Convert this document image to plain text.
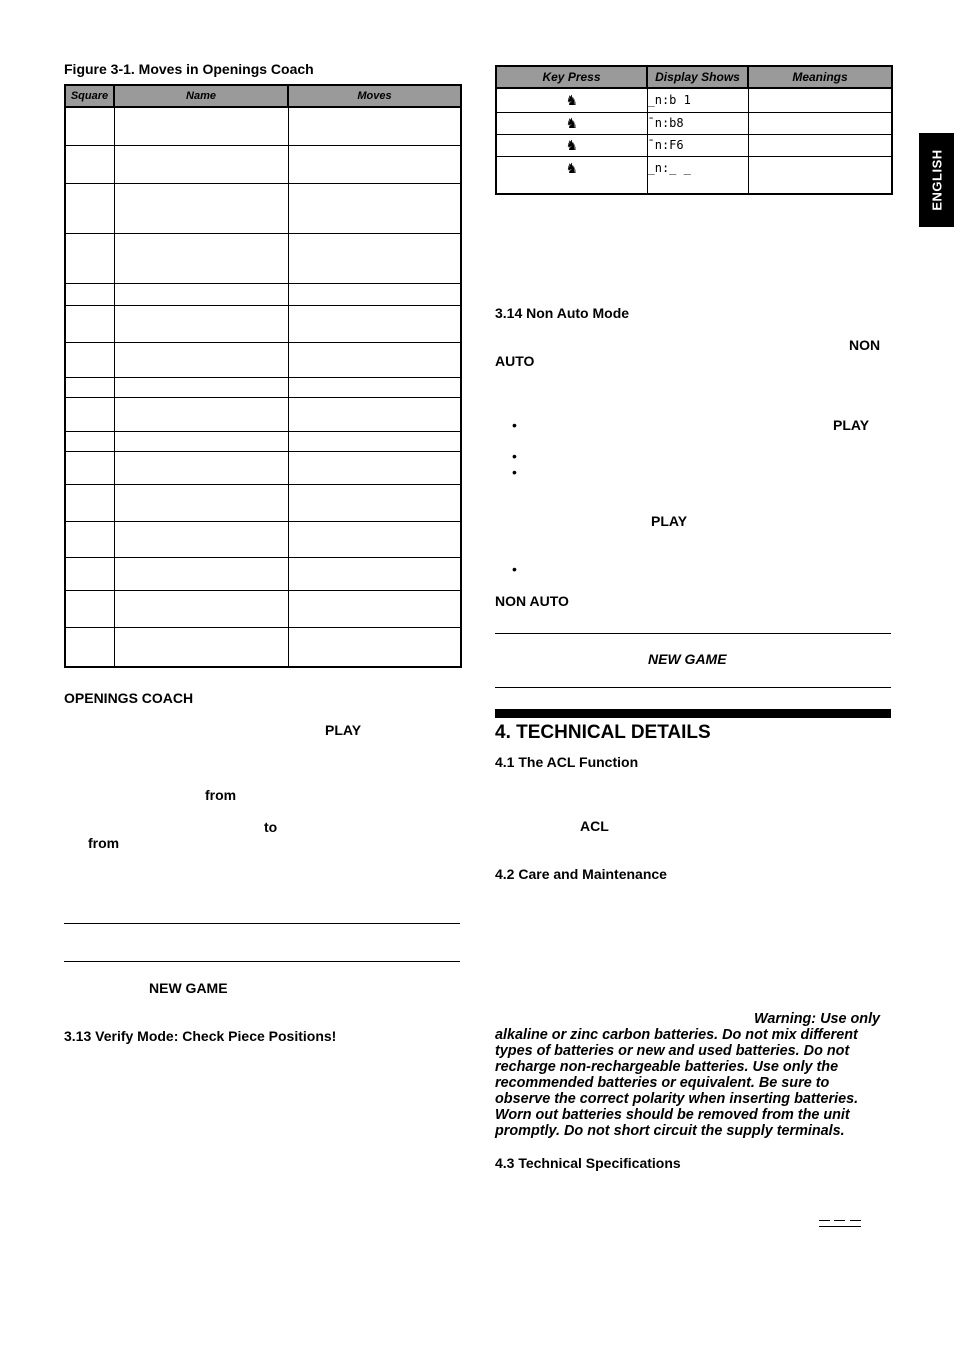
Figure 3-1. Moves in Openings Coach
Square	Name	Moves

OPENINGS COACH
PLAY
from
to
from
NEW GAME
3.13 Verify Mode: Check Piece Positions!
Key Press	Display Shows	Meanings

♞	_n:b 1	

♞	¯n:b8	

♞	¯n:F6	

♞	_n:_ _		ENGLISH
3.14 Non Auto Mode
NON
AUTO
•	PLAY
•
•
PLAY
•
NON AUTO
NEW GAME
4. TECHNICAL DETAILS
4.1 The ACL Function
ACL
4.2 Care and Maintenance
Warning: Use only
alkaline or zinc carbon batteries. Do not mix different
types of batteries or new and used batteries. Do not
recharge non-rechargeable batteries. Use only the
recommended batteries or equivalent. Be sure to
observe the correct polarity when inserting batteries.
Worn out batteries should be removed from the unit
promptly. Do not short circuit the supply terminals.
4.3 Technical Specifications
